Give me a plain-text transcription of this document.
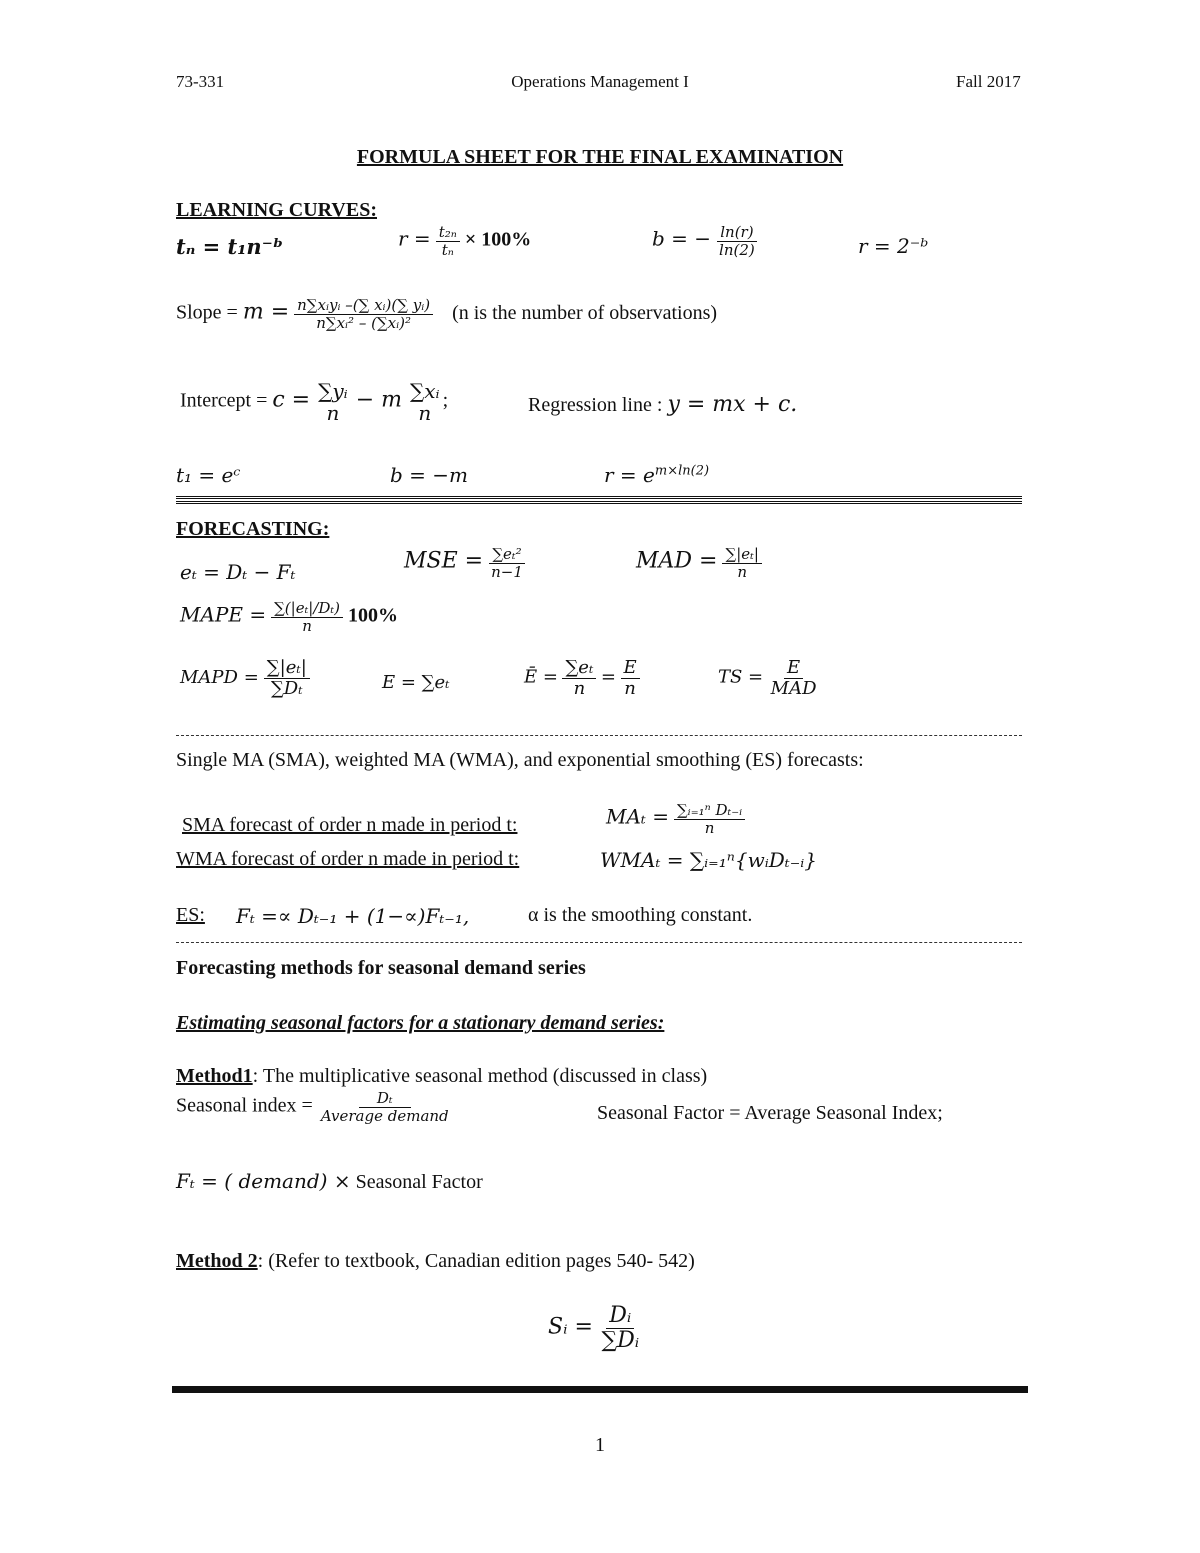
73-331	Operations Management I	Fall 2017
FORMULA SHEET FOR THE FINAL EXAMINATION
LEARNING CURVES:
tₙ = t₁n⁻ᵇ	$r = \frac{\text{t₂ₙ}}{\text{tₙ}} \times 100\%$	b = − $\frac{\ln(r)}{\ln(2)}$	r = 2⁻ᵇ
Slope = $m = \frac{\text{n∑xᵢyᵢ –(∑ xᵢ)(∑ yᵢ)}}{\text{n∑xᵢ² – (∑xᵢ)²}} (n$ is the number of observations)
Intercept = c = ∑yᵢ
n
− m ∑xᵢ
n
;	Regression line : y = mx + c.
t₁ = eᶜ	b = −m	$r = e^{m\times ln(2)}$
FORECASTING:
eₜ = Dₜ − Fₜ	MSE = $\frac{\text{∑eₜ²}}{n-1}$	MAD = $\frac{\text{∑|eₜ|}}{n}$
MAPE = $\frac{\text{∑(|eₜ|/Dₜ)}}{n} 100\%$
MAPD = $\frac{\text{∑|eₜ|}}{\text{∑Dₜ}}$	E = ∑eₜ	Ē = $\frac{\text{∑eₜ}}{n} = \frac{E}{n}$	TS = $\frac{E}{\text{MAD}}$
Single MA (SMA), weighted MA (WMA), and exponential smoothing (ES) forecasts:
SMA forecast of order n made in period t:	$MA_t = \frac{\text{∑ᵢ₌₁ⁿ Dₜ₋ᵢ}}{n}$
WMA forecast of order n made in period t:	WMAₜ = ∑ᵢ₌₁ⁿ{wᵢDₜ₋ᵢ}
ES: Fₜ =∝ Dₜ₋₁ + (1−∝)Fₜ₋₁,	α is the smoothing constant.
Forecasting methods for seasonal demand series
Estimating seasonal factors for a stationary demand series:
Method1: The multiplicative seasonal method (discussed in class)
Seasonal index = $\frac{\text{Dₜ}}{\text{Average demand}}$	Seasonal Factor = Average Seasonal Index;
Fₜ = ( demand) × Seasonal Factor
Method 2: (Refer to textbook, Canadian edition pages 540- 542)
Sᵢ = $\frac{\text{Dᵢ}}{\text{∑Dᵢ}}$
1
